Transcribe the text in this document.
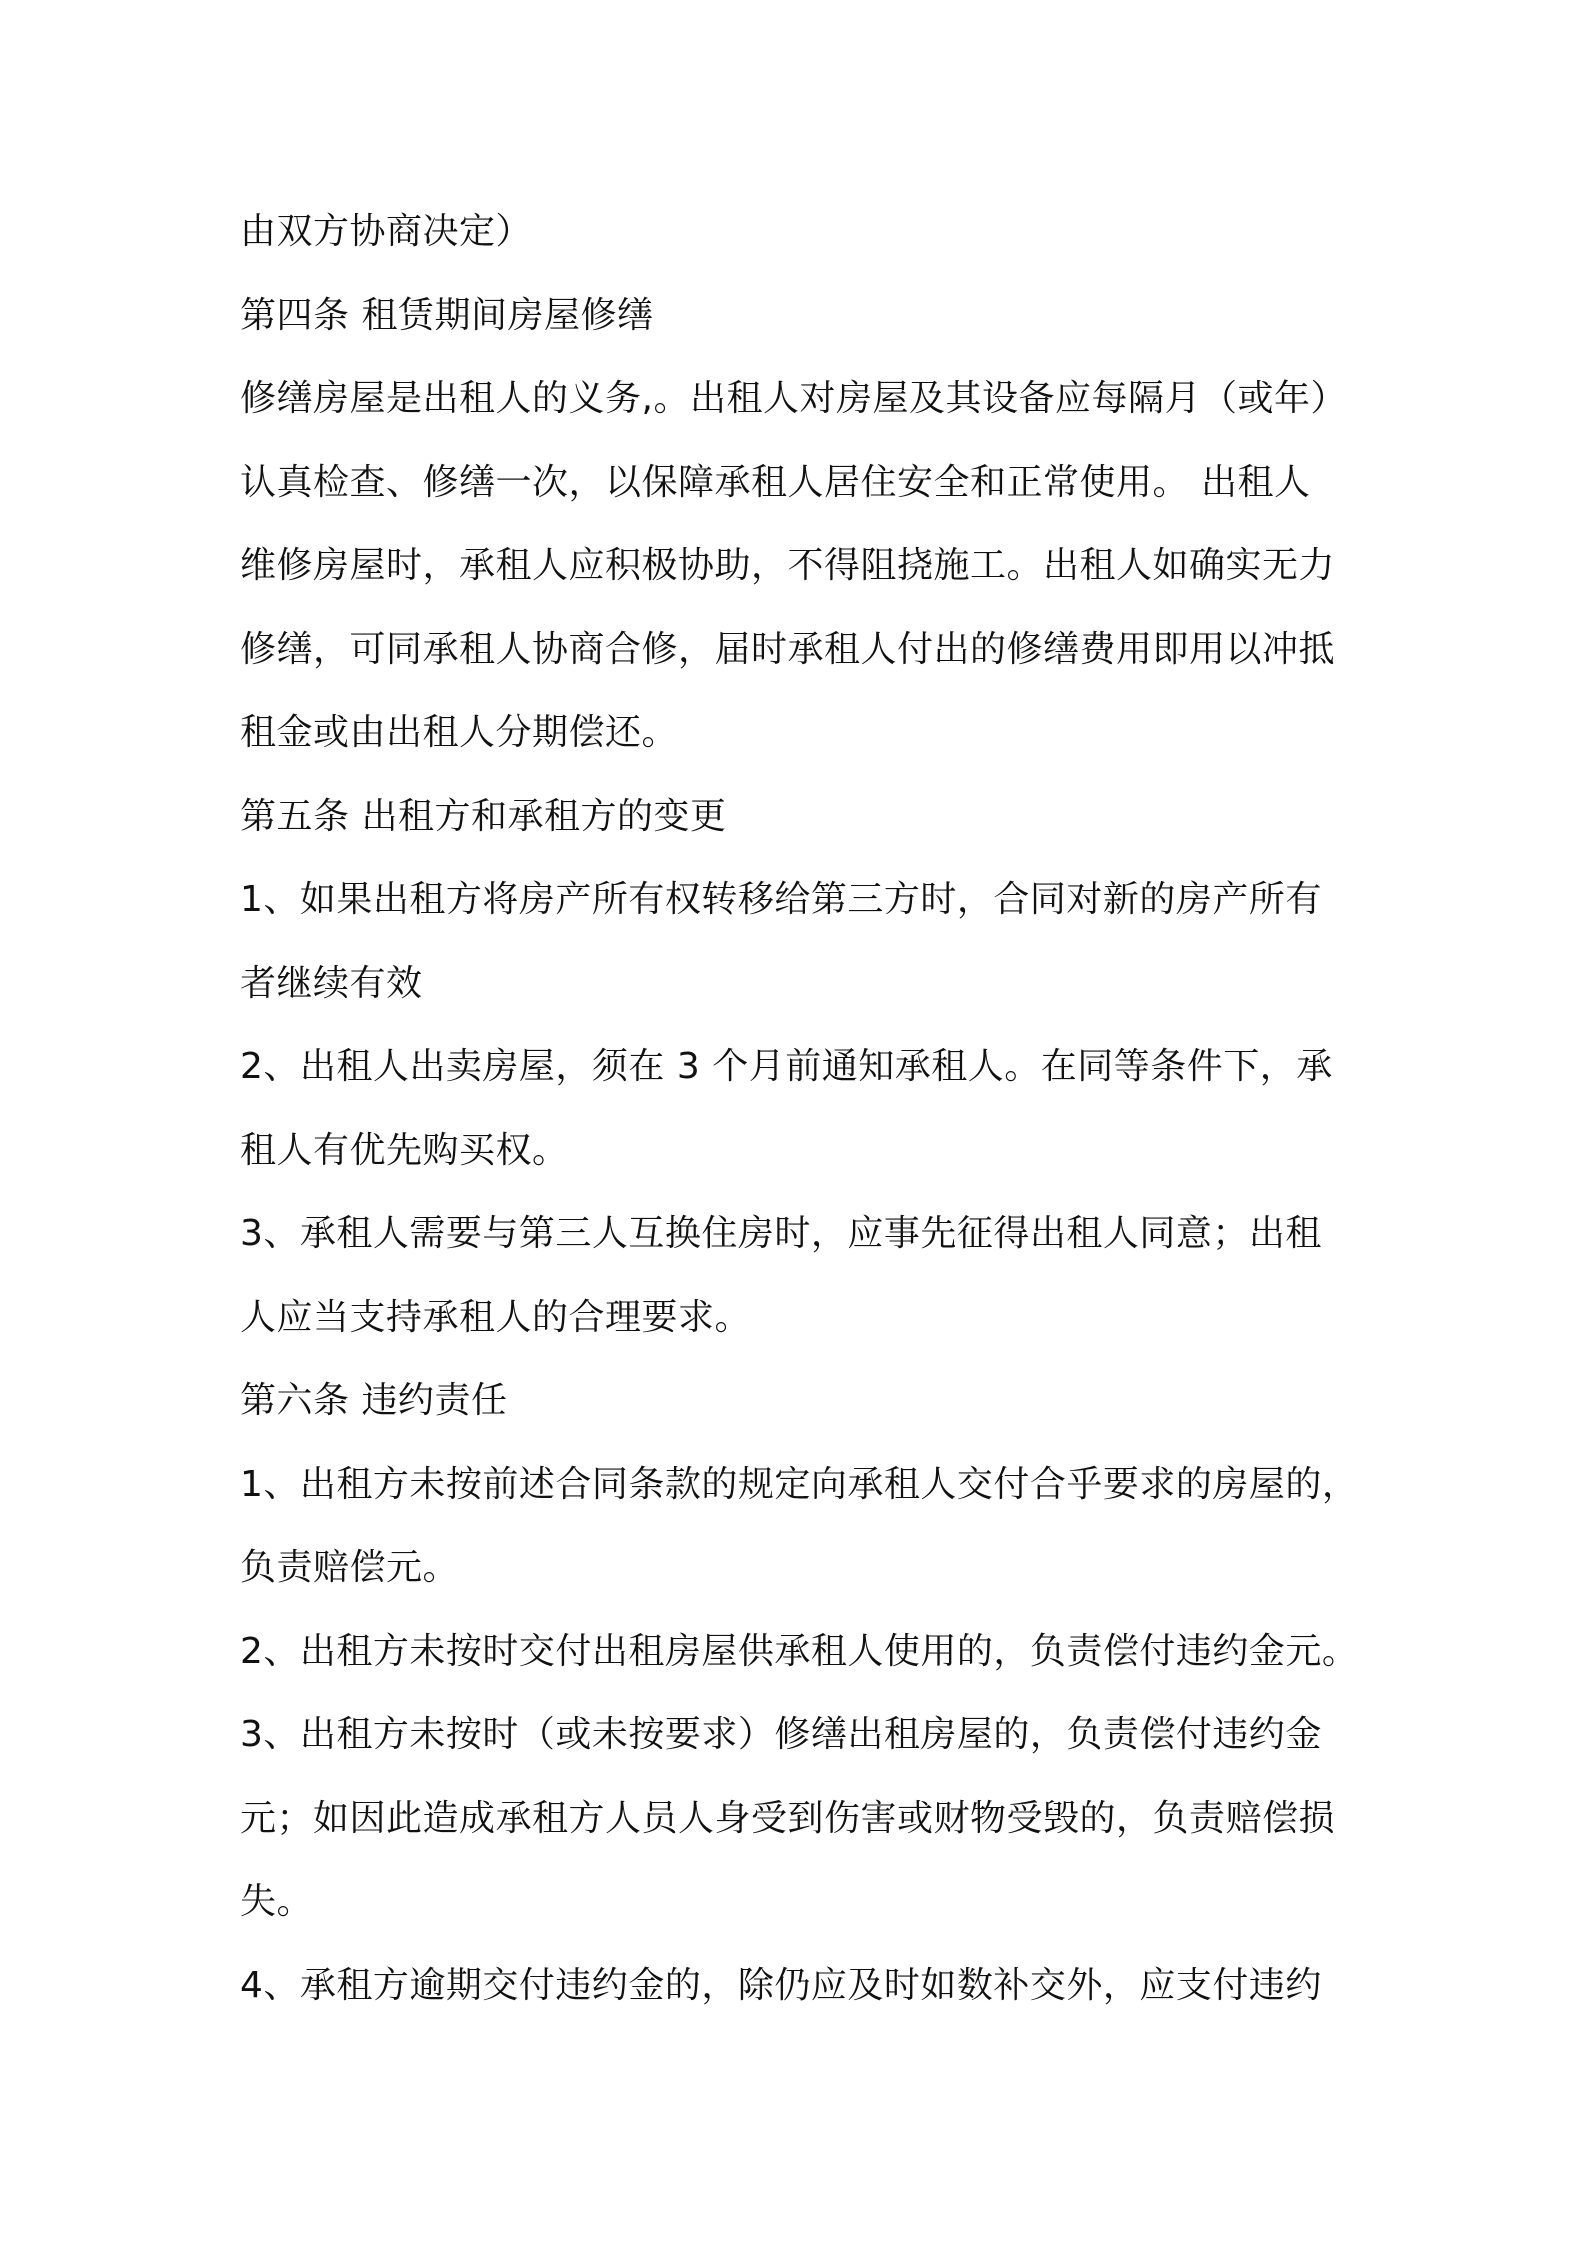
由双方协商决定）
第四条 租赁期间房屋修缮
修缮房屋是出租人的义务,。出租人对房屋及其设备应每隔月（或年）
认真检查、修缮一次，以保障承租人居住安全和正常使用。 出租人
维修房屋时，承租人应积极协助，不得阻挠施工。出租人如确实无力
修缮，可同承租人协商合修，届时承租人付出的修缮费用即用以冲抵
租金或由出租人分期偿还。
第五条 出租方和承租方的变更
1、如果出租方将房产所有权转移给第三方时，合同对新的房产所有
者继续有效
2、出租人出卖房屋，须在 3 个月前通知承租人。在同等条件下，承
租人有优先购买权。
3、承租人需要与第三人互换住房时，应事先征得出租人同意；出租
人应当支持承租人的合理要求。
第六条 违约责任
1、出租方未按前述合同条款的规定向承租人交付合乎要求的房屋的，
负责赔偿元。
2、出租方未按时交付出租房屋供承租人使用的，负责偿付违约金元。
3、出租方未按时（或未按要求）修缮出租房屋的，负责偿付违约金
元；如因此造成承租方人员人身受到伤害或财物受毁的，负责赔偿损
失。
4、承租方逾期交付违约金的，除仍应及时如数补交外，应支付违约
